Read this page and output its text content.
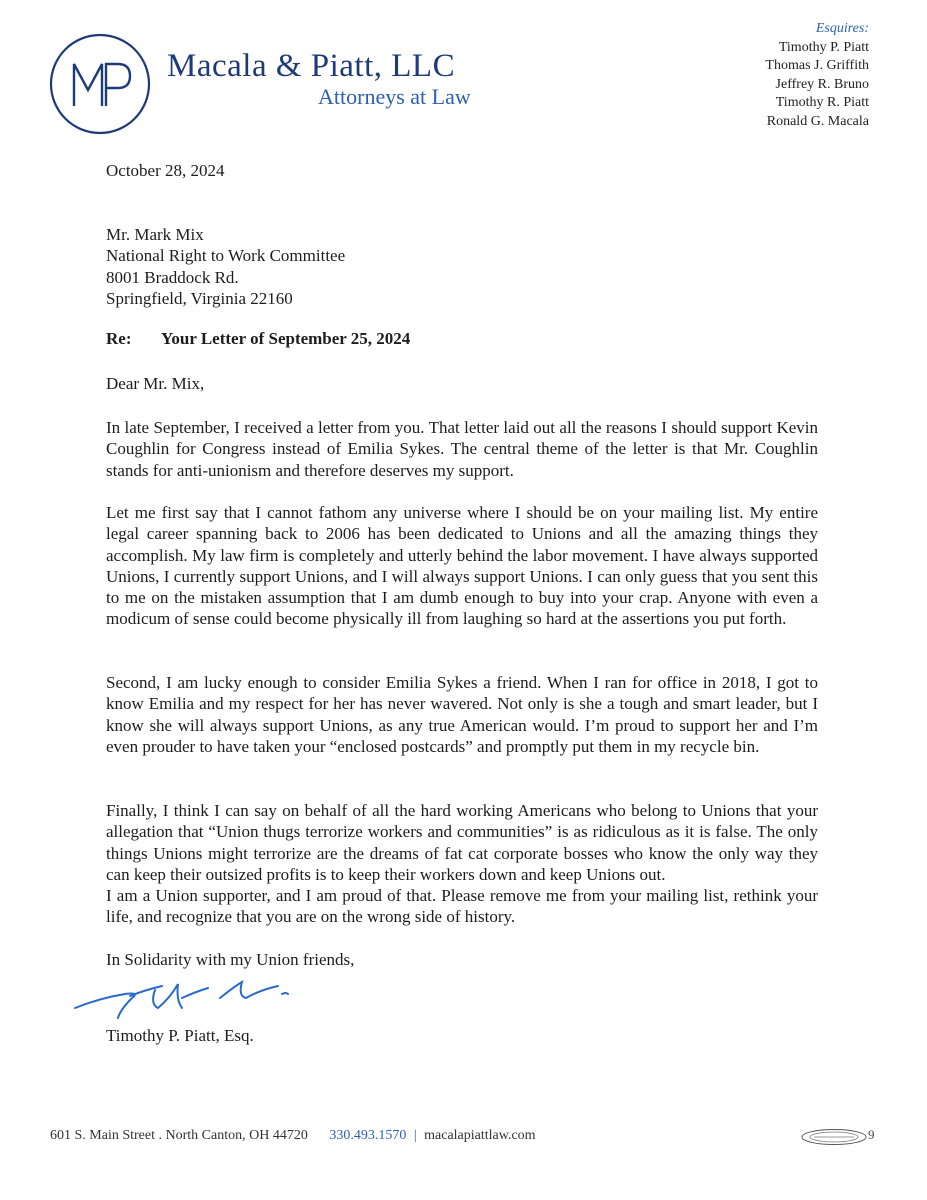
Macala & Piatt, LLC
Attorneys at Law
Esquires:
Timothy P. Piatt
Thomas J. Griffith
Jeffrey R. Bruno
Timothy R. Piatt
Ronald G. Macala
October 28, 2024
Mr. Mark Mix
National Right to Work Committee
8001 Braddock Rd.
Springfield, Virginia 22160
Re: Your Letter of September 25, 2024
Dear Mr. Mix,

In late September, I received a letter from you. That letter laid out all the reasons I should support Kevin Coughlin for Congress instead of Emilia Sykes. The central theme of the letter is that Mr. Coughlin stands for anti-unionism and therefore deserves my support.

Let me first say that I cannot fathom any universe where I should be on your mailing list. My entire legal career spanning back to 2006 has been dedicated to Unions and all the amazing things they accomplish. My law firm is completely and utterly behind the labor movement. I have always supported Unions, I currently support Unions, and I will always support Unions. I can only guess that you sent this to me on the mistaken assumption that I am dumb enough to buy into your crap. Anyone with even a modicum of sense could become physically ill from laughing so hard at the assertions you put forth.

Second, I am lucky enough to consider Emilia Sykes a friend. When I ran for office in 2018, I got to know Emilia and my respect for her has never wavered. Not only is she a tough and smart leader, but I know she will always support Unions, as any true American would. I’m proud to support her and I’m even prouder to have taken your “enclosed postcards” and promptly put them in my recycle bin.

Finally, I think I can say on behalf of all the hard working Americans who belong to Unions that your allegation that “Union thugs terrorize workers and communities” is as ridiculous as it is false. The only things Unions might terrorize are the dreams of fat cat corporate bosses who know the only way they can keep their outsized profits is to keep their workers down and keep Unions out.

I am a Union supporter, and I am proud of that. Please remove me from your mailing list, rethink your life, and recognize that you are on the wrong side of history.

In Solidarity with my Union friends,
Timothy P. Piatt, Esq.
601 S. Main Street . North Canton, OH 44720 330.493.1570 | macalapiattlaw.com	9
